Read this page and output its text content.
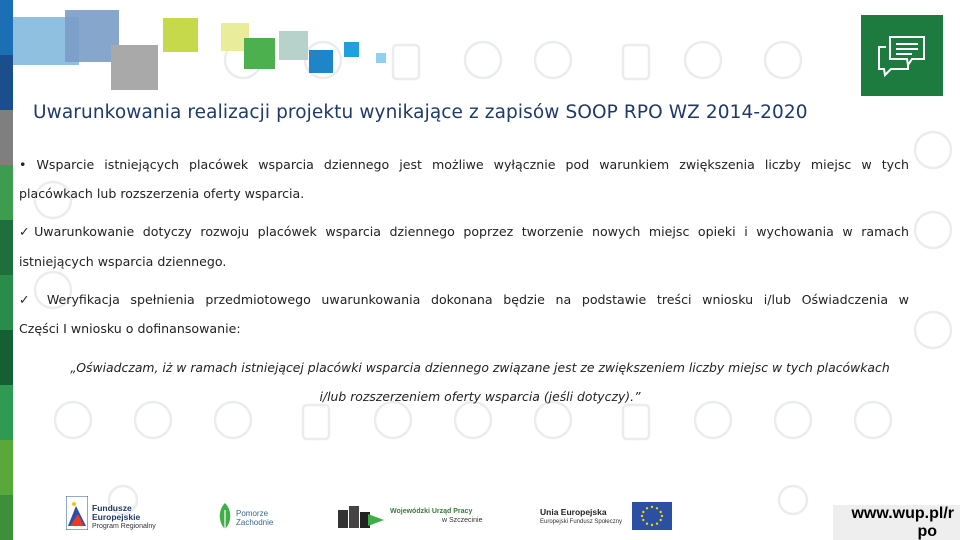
Uwarunkowania realizacji projektu wynikające z zapisów SOOP RPO WZ 2014-2020
• Wsparcie istniejących placówek wsparcia dziennego jest możliwe wyłącznie pod warunkiem zwiększenia liczby miejsc w tych
placówkach lub rozszerzenia oferty wsparcia.
✓Uwarunkowanie dotyczy rozwoju placówek wsparcia dziennego poprzez tworzenie nowych miejsc opieki i wychowania w ramach
istniejących wsparcia dziennego.
✓ Weryfikacja spełnienia przedmiotowego uwarunkowania dokonana będzie na podstawie treści wniosku i/lub Oświadczenia w
Części I wniosku o dofinansowanie:
„Oświadczam, iż w ramach istniejącej placówki wsparcia dziennego związane jest ze zwiększeniem liczby miejsc w tych placówkach
i/lub rozszerzeniem oferty wsparcia (jeśli dotyczy).”
Fundusze
Europejskie
Program Regionalny
Pomorze
Zachodnie
Wojewódzki Urząd Pracy
w Szczecinie
Unia Europejska
Europejski Fundusz Społeczny	www.wup.pl/r
po
